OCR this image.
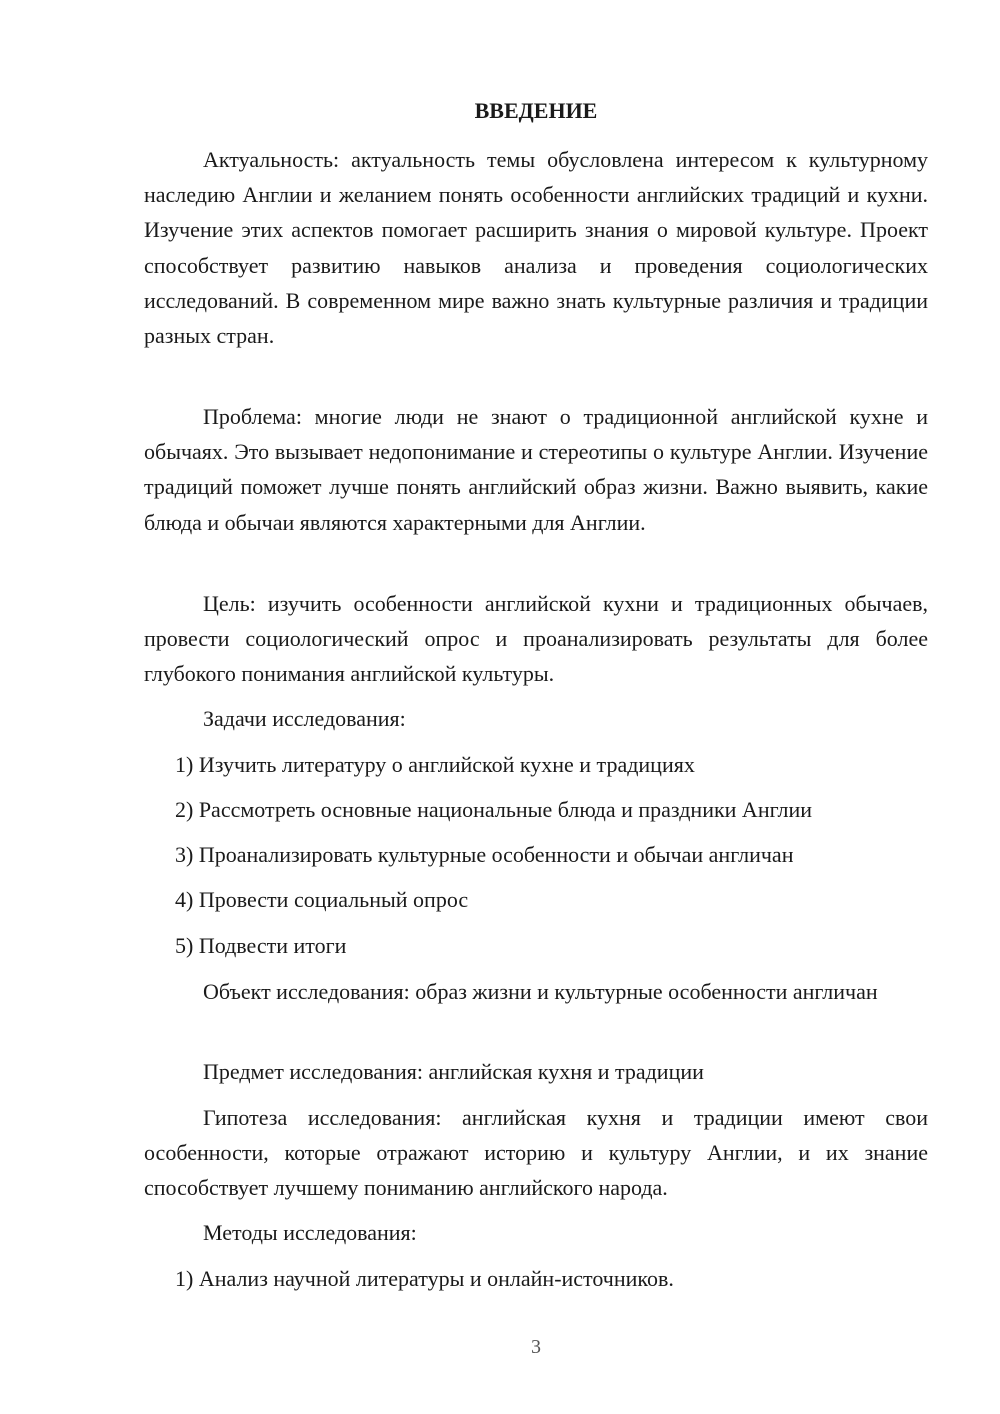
ВВЕДЕНИЕ

Актуальность: актуальность темы обусловлена интересом к культурному наследию Англии и желанием понять особенности английских традиций и кухни. Изучение этих аспектов помогает расширить знания о мировой культуре. Проект способствует развитию навыков анализа и проведения социологических исследований. В современном мире важно знать культурные различия и традиции разных стран.

Проблема: многие люди не знают о традиционной английской кухне и обычаях. Это вызывает недопонимание и стереотипы о культуре Англии. Изучение традиций поможет лучше понять английский образ жизни. Важно выявить, какие блюда и обычаи являются характерными для Англии.

Цель: изучить особенности английской кухни и традиционных обычаев, провести социологический опрос и проанализировать результаты для более глубокого понимания английской культуры.

Задачи исследования:

1) Изучить литературу о английской кухне и традициях

2) Рассмотреть основные национальные блюда и праздники Англии

3) Проанализировать культурные особенности и обычаи англичан

4) Провести социальный опрос

5) Подвести итоги

Объект исследования: образ жизни и культурные особенности англичан

Предмет исследования: английская кухня и традиции

Гипотеза исследования: английская кухня и традиции имеют свои особенности, которые отражают историю и культуру Англии, и их знание способствует лучшему пониманию английского народа.

Методы исследования:

1) Анализ научной литературы и онлайн-источников.

3
